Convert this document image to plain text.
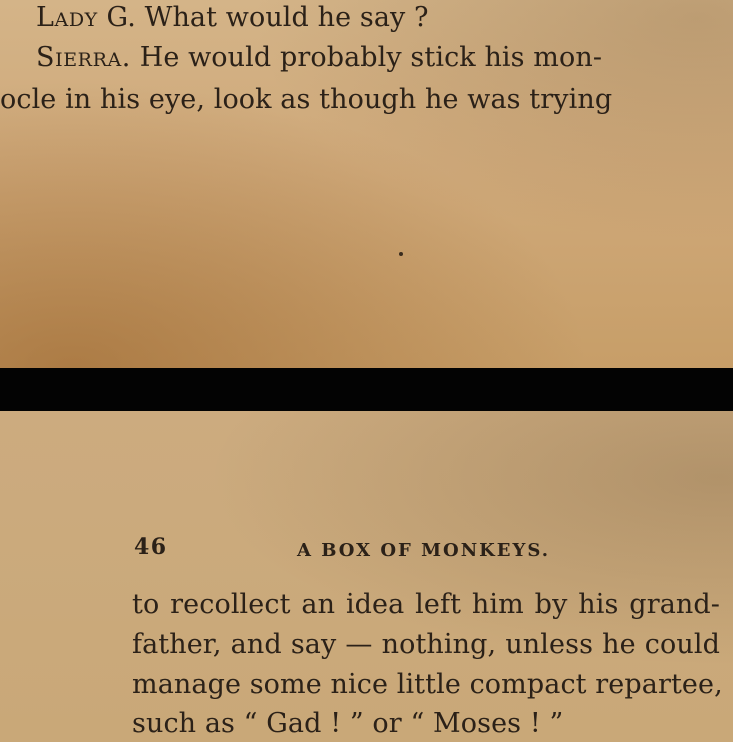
Lady G. What would he say ?
Sierra. He would probably stick his mon-
ocle in his eye, look as though he was trying
46	A BOX OF MONKEYS.
to recollect an idea left him by his grand-
father, and say — nothing, unless he could
manage some nice little compact repartee,
such as “ Gad ! ” or “ Moses ! ”
